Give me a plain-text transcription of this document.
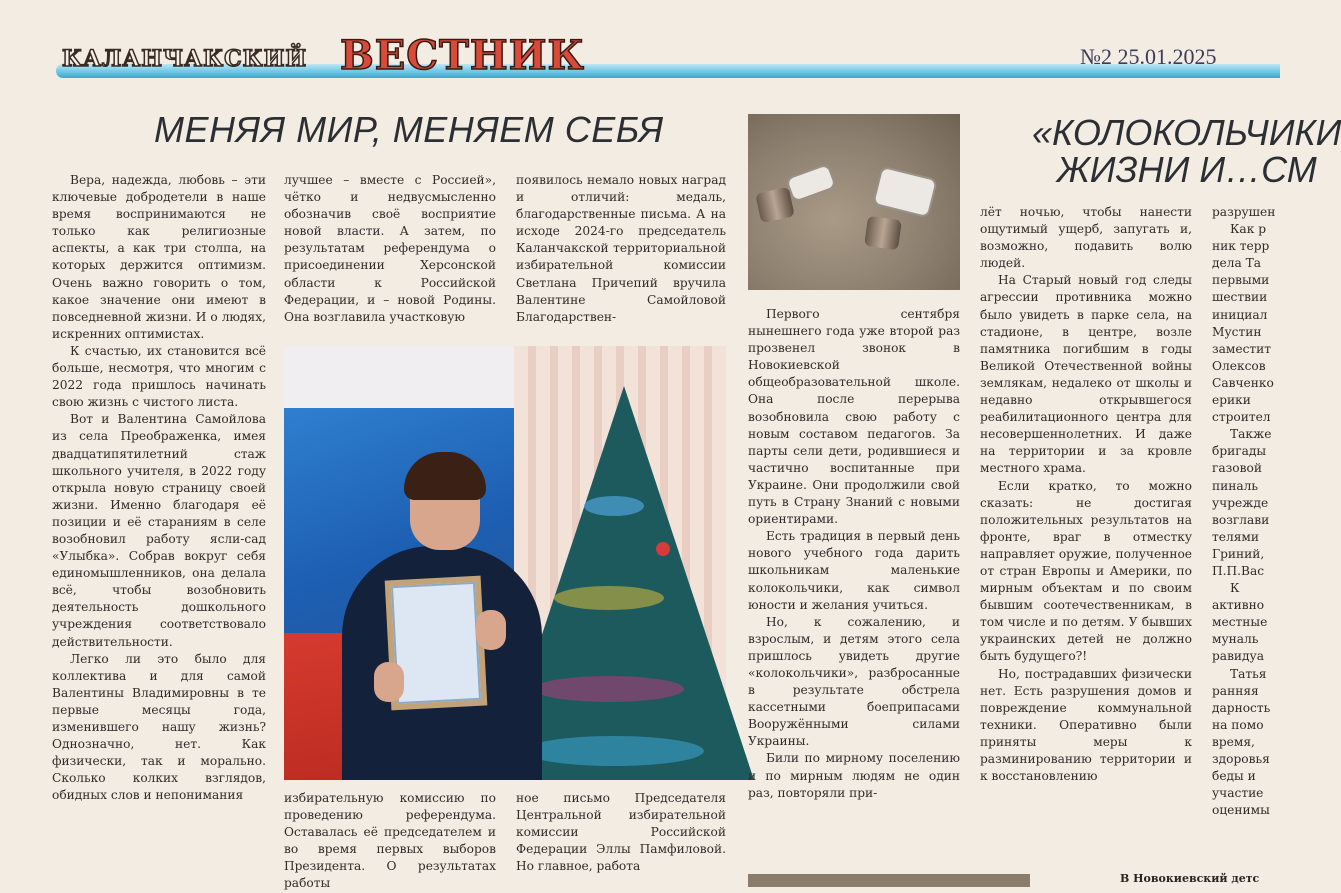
КАЛАНЧАКСКИЙ ВЕСТНИК	№2 25.01.2025
МЕНЯЯ МИР, МЕНЯЕМ СЕБЯ

Вера, надежда, любовь – эти ключевые добродетели в наше время воспринимаются не только как религиозные аспекты, а как три столпа, на которых держится оптимизм. Очень важно говорить о том, какое значение они имеют в повседневной жизни. И о людях, искренних оптимистах.

К счастью, их становится всё больше, несмотря, что многим с 2022 года пришлось начинать свою жизнь с чистого листа.

Вот и Валентина Самойлова из села Преображенка, имея двадцатипятилетний стаж школьного учителя, в 2022 году открыла новую страницу своей жизни. Именно благодаря её позиции и её стараниям в селе возобновил работу ясли-сад «Улыбка». Собрав вокруг себя единомышленников, она делала всё, чтобы возобновить деятельность дошкольного учреждения соответствовало действительности.

Легко ли это было для коллектива и для самой Валентины Владимировны в те первые месяцы года, изменившего нашу жизнь? Однозначно, нет. Как физически, так и морально. Сколько колких взглядов, обидных слов и непонимания

лучшее – вместе с Россией», чётко и недвусмысленно обозначив своё восприятие новой власти. А затем, по результатам референдума о присоединении Херсонской области к Российской Федерации, и – новой Родины. Она возглавила участковую

появилось немало новых наград и отличий: медаль, благодарственные письма. А на исходе 2024-го председатель Каланчакской территориальной избирательной комиссии Светлана Причепий вручила Валентине Самойловой Благодарствен-

избирательную комиссию по проведению референдума. Оставалась её председателем и во время первых выборов Президента. О результатах работы

ное письмо Председателя Центральной избирательной комиссии Российской Федерации Эллы Памфиловой. Но главное, работа

«КОЛОКОЛЬЧИКИ
ЖИЗНИ И…СМ

Первого сентября нынешнего года уже второй раз прозвенел звонок в Новокиевской общеобразовательной школе. Она после перерыва возобновила свою работу с новым составом педагогов. За парты сели дети, родившиеся и частично воспитанные при Украине. Они продолжили свой путь в Страну Знаний с новыми ориентирами.

Есть традиция в первый день нового учебного года дарить школьникам маленькие колокольчики, как символ юности и желания учиться.

Но, к сожалению, и взрослым, и детям этого села пришлось увидеть другие «колокольчики», разбросанные в результате обстрела кассетными боеприпасами Вооружёнными силами Украины.

Били по мирному поселению и по мирным людям не один раз, повторяли при-

лёт ночью, чтобы нанести ощутимый ущерб, запугать и, возможно, подавить волю людей.

На Старый новый год следы агрессии противника можно было увидеть в парке села, на стадионе, в центре, возле памятника погибшим в годы Великой Отечественной войны землякам, недалеко от школы и недавно открывшегося реабилитационного центра для несовершеннолетних. И даже на территории и за кровле местного храма.

Если кратко, то можно сказать: не достигая положительных результатов на фронте, враг в отместку направляет оружие, полученное от стран Европы и Америки, по мирным объектам и по своим бывшим соотечественникам, в том числе и по детям. У бывших украинских детей не должно быть будущего?!

Но, пострадавших физически нет. Есть разрушения домов и повреждение коммунальной техники. Оперативно были приняты меры к разминированию территории и к восстановлению

разрушен

Как р ник терр дела Та первыми шествии инициал Мустин заместит Олексов Савченко ерики строител

Также бригады газовой пиналь учрежде возглави телями Гриний, П.П.Вас

К активно местные муналь равидуа

Татья ранняя дарность на помо время, здоровья беды и участие оценимы

В Новокиевский детс
